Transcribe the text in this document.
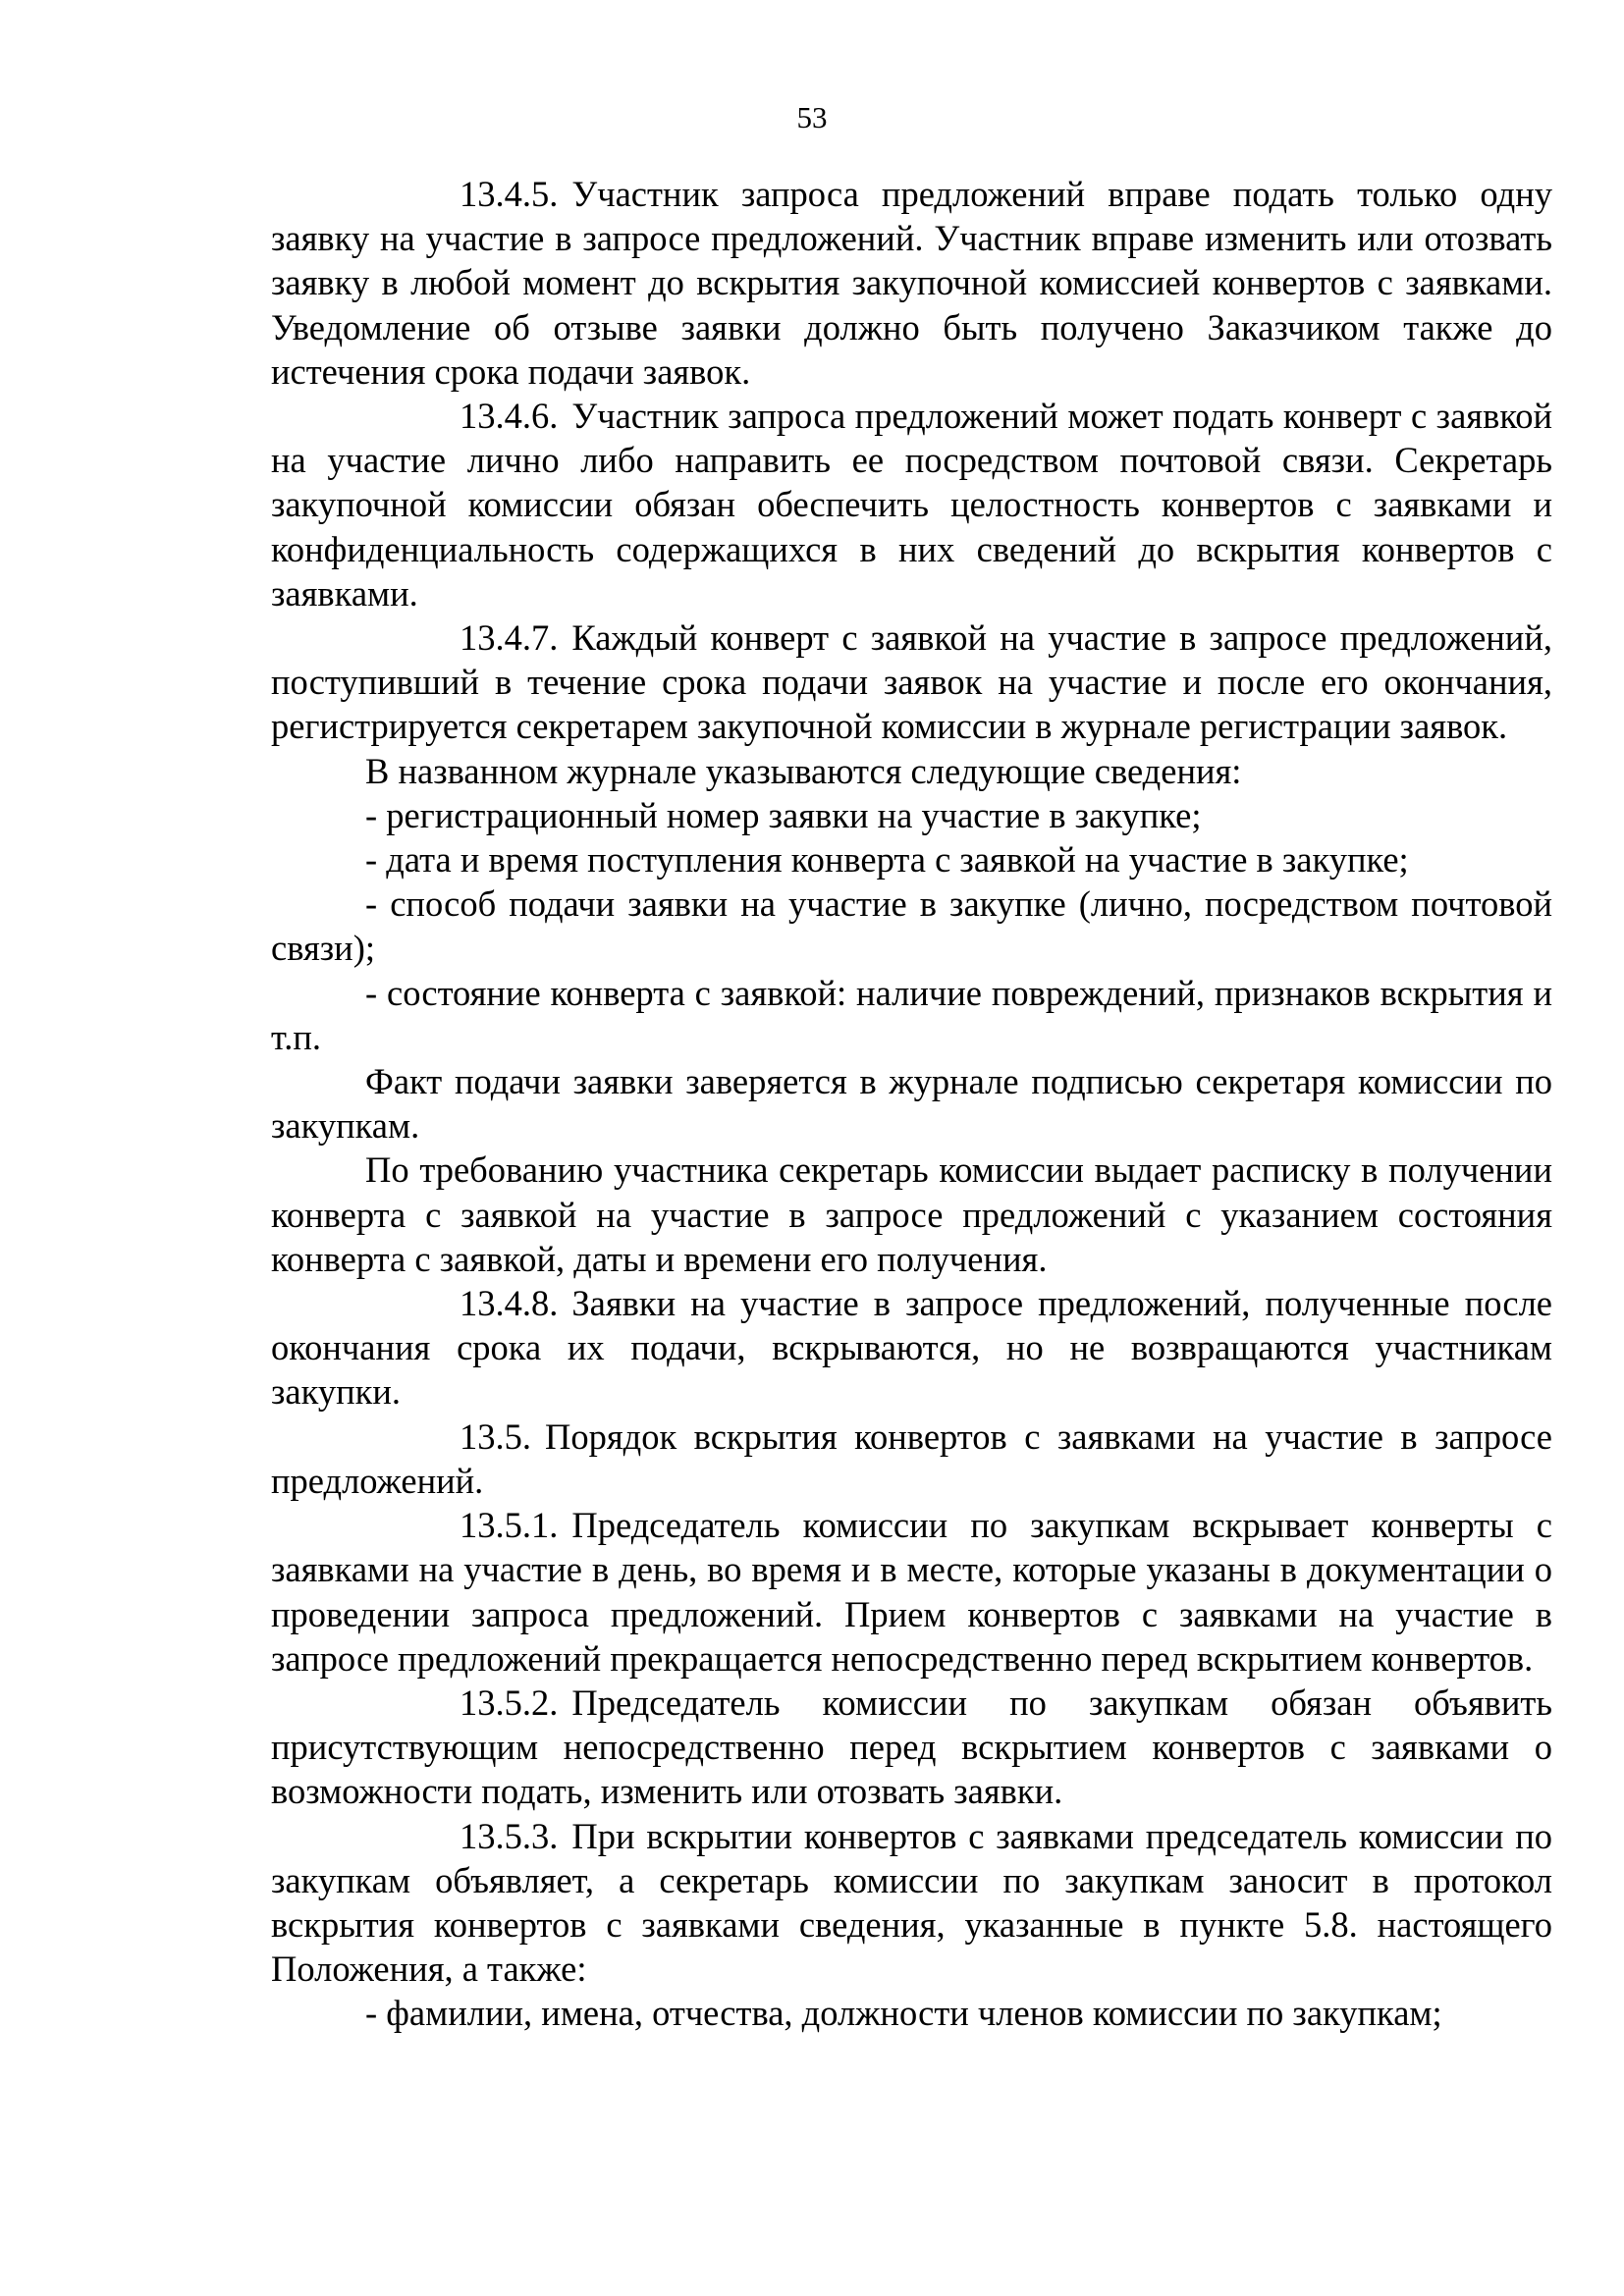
53

13.4.5. Участник запроса предложений вправе подать только одну заявку на участие в запросе предложений. Участник вправе изменить или отозвать заявку в любой момент до вскрытия закупочной комиссией конвертов с заявками. Уведомление об отзыве заявки должно быть получено Заказчиком также до истечения срока подачи заявок.

13.4.6. Участник запроса предложений может подать конверт с заявкой на участие лично либо направить ее посредством почтовой связи. Секретарь закупочной комиссии обязан обеспечить целостность конвертов с заявками и конфиденциальность содержащихся в них сведений до вскрытия конвертов с заявками.

13.4.7. Каждый конверт с заявкой на участие в запросе предложений, поступивший в течение срока подачи заявок на участие и после его окончания, регистрируется секретарем закупочной комиссии в журнале регистрации заявок.

В названном журнале указываются следующие сведения:

- регистрационный номер заявки на участие в закупке;

- дата и время поступления конверта с заявкой на участие в закупке;

- способ подачи заявки на участие в закупке (лично, посредством почтовой связи);

- состояние конверта с заявкой: наличие повреждений, признаков вскрытия и т.п.

Факт подачи заявки заверяется в журнале подписью секретаря комиссии по закупкам.

По требованию участника секретарь комиссии выдает расписку в получении конверта с заявкой на участие в запросе предложений с указанием состояния конверта с заявкой, даты и времени его получения.

13.4.8. Заявки на участие в запросе предложений, полученные после окончания срока их подачи, вскрываются, но не возвращаются участникам закупки.

13.5. Порядок вскрытия конвертов с заявками на участие в запросе предложений.

13.5.1. Председатель комиссии по закупкам вскрывает конверты с заявками на участие в день, во время и в месте, которые указаны в документации о проведении запроса предложений. Прием конвертов с заявками на участие в запросе предложений прекращается непосредственно перед вскрытием конвертов.

13.5.2. Председатель комиссии по закупкам обязан объявить присутствующим непосредственно перед вскрытием конвертов с заявками о возможности подать, изменить или отозвать заявки.

13.5.3. При вскрытии конвертов с заявками председатель комиссии по закупкам объявляет, а секретарь комиссии по закупкам заносит в протокол вскрытия конвертов с заявками сведения, указанные в пункте 5.8. настоящего Положения, а также:

- фамилии, имена, отчества, должности членов комиссии по закупкам;
